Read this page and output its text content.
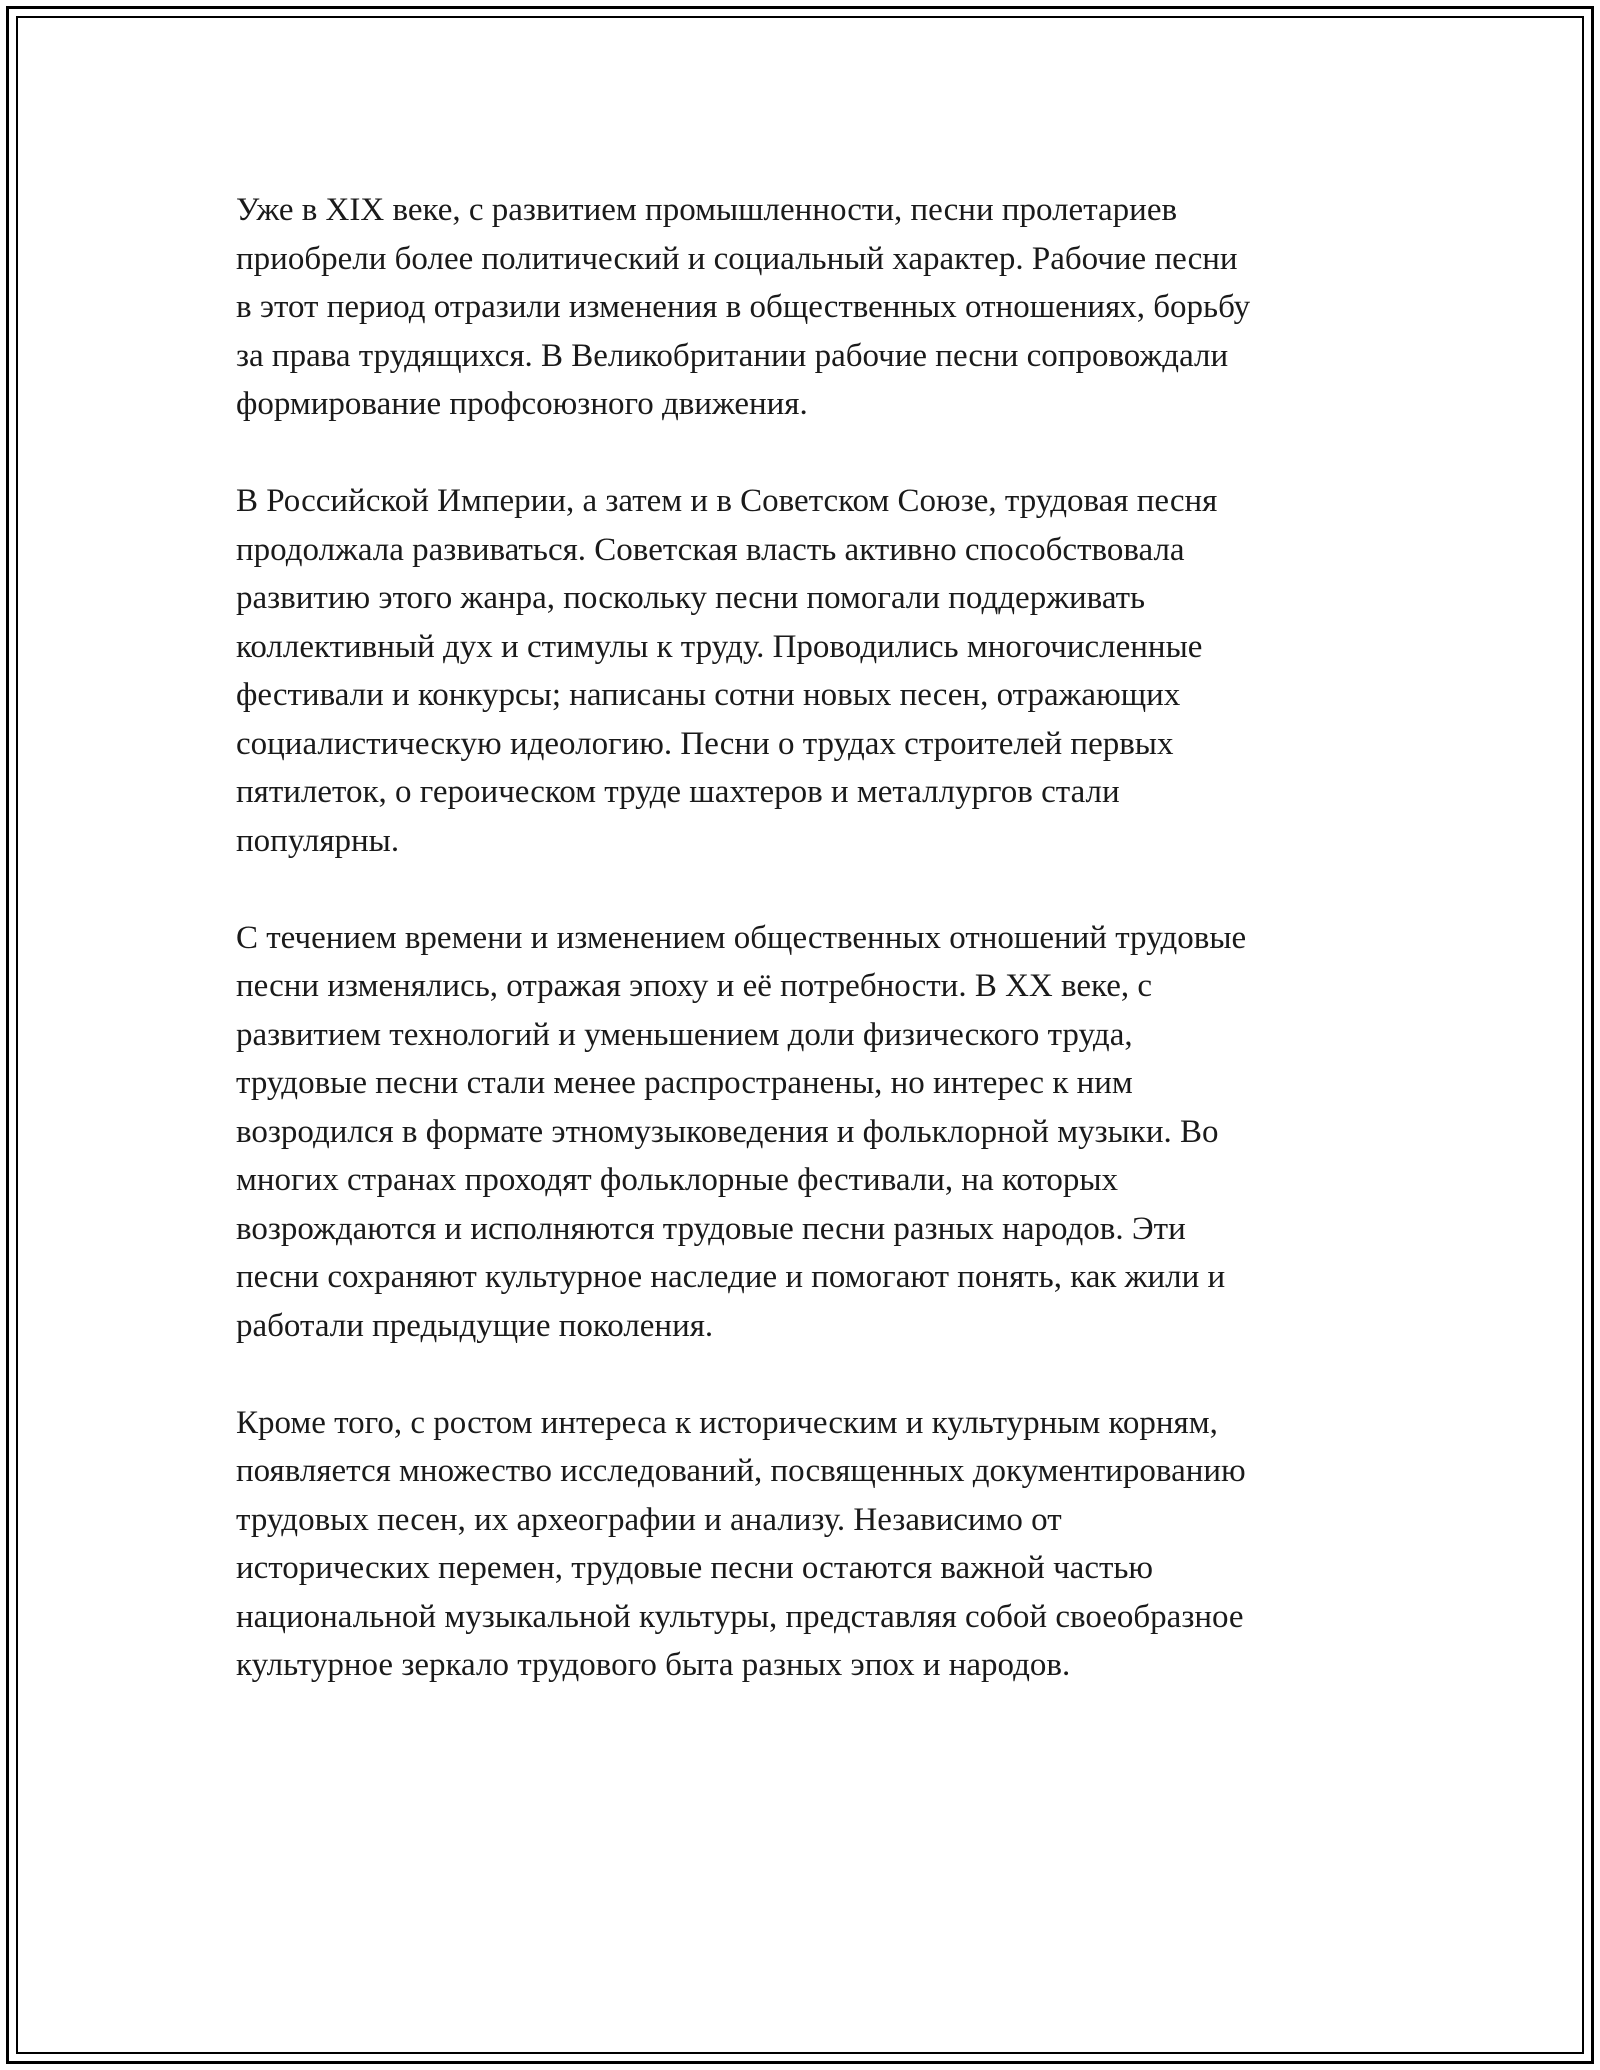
Уже в XIX веке, с развитием промышленности, песни пролетариев
приобрели более политический и социальный характер. Рабочие песни
в этот период отразили изменения в общественных отношениях, борьбу
за права трудящихся. В Великобритании рабочие песни сопровождали
формирование профсоюзного движения.

В Российской Империи, а затем и в Советском Союзе, трудовая песня
продолжала развиваться. Советская власть активно способствовала
развитию этого жанра, поскольку песни помогали поддерживать
коллективный дух и стимулы к труду. Проводились многочисленные
фестивали и конкурсы; написаны сотни новых песен, отражающих
социалистическую идеологию. Песни о трудах строителей первых
пятилеток, о героическом труде шахтеров и металлургов стали
популярны.

С течением времени и изменением общественных отношений трудовые
песни изменялись, отражая эпоху и её потребности. В XX веке, с
развитием технологий и уменьшением доли физического труда,
трудовые песни стали менее распространены, но интерес к ним
возродился в формате этномузыковедения и фольклорной музыки. Во
многих странах проходят фольклорные фестивали, на которых
возрождаются и исполняются трудовые песни разных народов. Эти
песни сохраняют культурное наследие и помогают понять, как жили и
работали предыдущие поколения.

Кроме того, с ростом интереса к историческим и культурным корням,
появляется множество исследований, посвященных документированию
трудовых песен, их археографии и анализу. Независимо от
исторических перемен, трудовые песни остаются важной частью
национальной музыкальной культуры, представляя собой своеобразное
культурное зеркало трудового быта разных эпох и народов.
